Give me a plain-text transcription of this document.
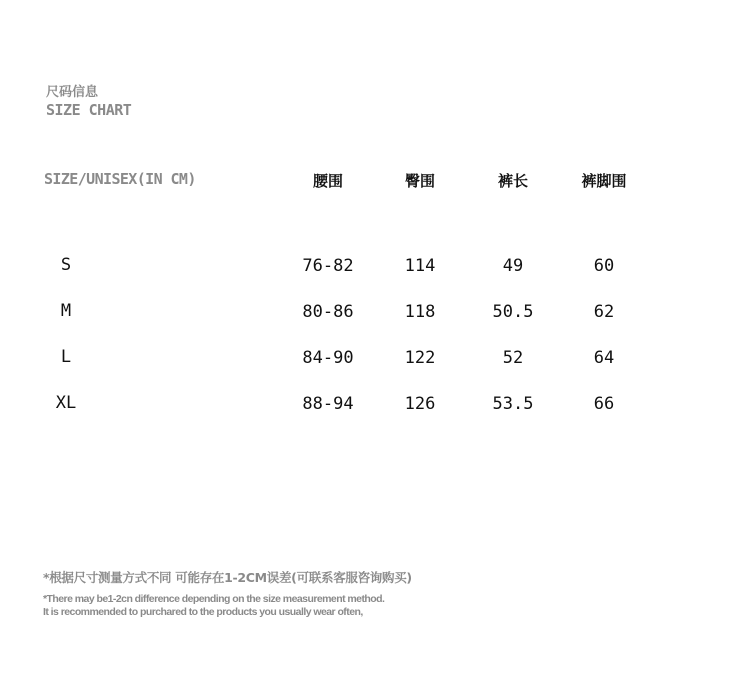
尺码信息
SIZE CHART
SIZE/UNISEX(IN CM)	腰围	臀围	裤长	裤脚围
S	76-82	114	49	60
M	80-86	118	50.5	62
L	84-90	122	52	64
XL	88-94	126	53.5	66
*根据尺寸测量方式不同 可能存在1-2CM误差(可联系客服咨询购买)
*There may be1-2cn difference depending on the size measurement method.
It is recommended to purchared to the products you usually wear often,
